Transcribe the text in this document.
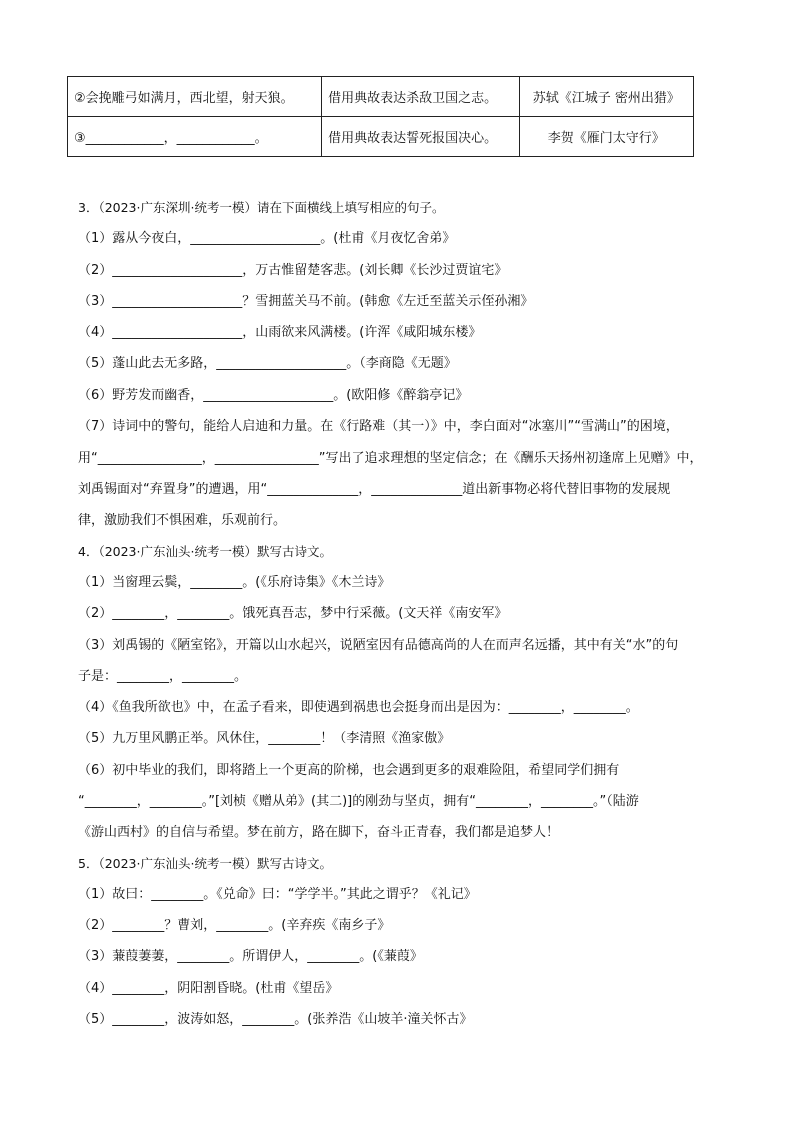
②会挽雕弓如满月，西北望，射天狼。	借用典故表达杀敌卫国之志。	苏轼《江城子 密州出猎》
③____________，____________。	借用典故表达誓死报国决心。	李贺《雁门太守行》
3．（2023·广东深圳·统考一模）请在下面横线上填写相应的句子。
（1）露从今夜白，____________________。(杜甫《月夜忆舍弟》
（2）____________________，万古惟留楚客悲。(刘长卿《长沙过贾谊宅》
（3）____________________？雪拥蓝关马不前。(韩愈《左迁至蓝关示侄孙湘》
（4）____________________，山雨欲来风满楼。(许浑《咸阳城东楼》
（5）蓬山此去无多路，____________________。（李商隐《无题》
（6）野芳发而幽香，____________________。(欧阳修《醉翁亭记》
（7）诗词中的警句，能给人启迪和力量。在《行路难（其一）》中，李白面对“冰塞川”“雪满山”的困境，
用“________________，________________”写出了追求理想的坚定信念；在《酬乐天扬州初逢席上见赠》中，
刘禹锡面对“弃置身”的遭遇，用“______________，______________道出新事物必将代替旧事物的发展规
律，激励我们不惧困难，乐观前行。
4．（2023·广东汕头·统考一模）默写古诗文。
（1）当窗理云鬓，________。(《乐府诗集》《木兰诗》
（2）________，________。饿死真吾志，梦中行采薇。(文天祥《南安军》
（3）刘禹锡的《陋室铭》，开篇以山水起兴，说陋室因有品德高尚的人在而声名远播，其中有关“水”的句
子是：________，________。
（4）《鱼我所欲也》中，在孟子看来，即使遇到祸患也会挺身而出是因为：________，________。
（5）九万里风鹏正举。风休住，________！（李清照《渔家傲》
（6）初中毕业的我们，即将踏上一个更高的阶梯，也会遇到更多的艰难险阻，希望同学们拥有
“________，________。”[刘桢《赠从弟》(其二)]的刚劲与坚贞，拥有“________，________。”（陆游
《游山西村》的自信与希望。梦在前方，路在脚下，奋斗正青春，我们都是追梦人！
5．（2023·广东汕头·统考一模）默写古诗文。
（1）故曰：________。《兑命》曰：“学学半。”其此之谓乎？《礼记》
（2）________？曹刘，________。(辛弃疾《南乡子》
（3）蒹葭萋萋，________。所谓伊人，________。(《蒹葭》
（4）________，阴阳割昏晓。(杜甫《望岳》
（5）________，波涛如怒，________。(张养浩《山坡羊·潼关怀古》
